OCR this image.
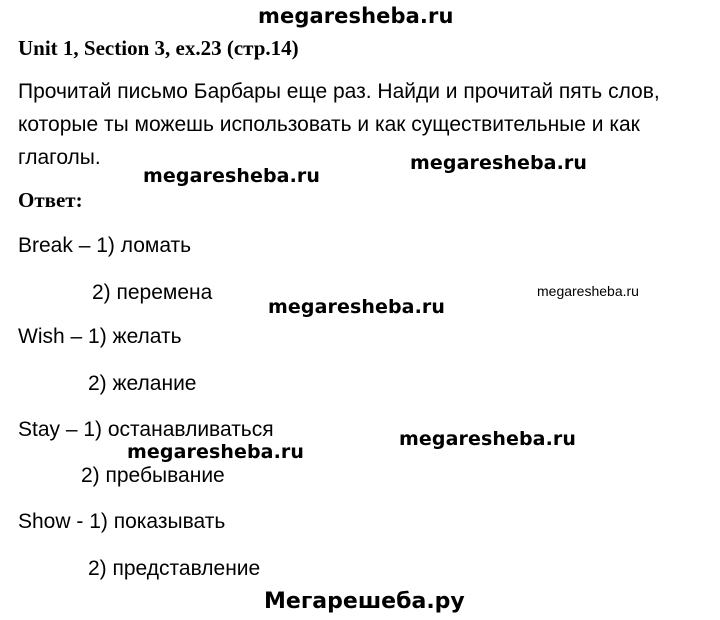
megaresheba.ru
megaresheba.ru
megaresheba.ru
megaresheba.ru
megaresheba.ru
megaresheba.ru
megaresheba.ru
Мегарешеба.ру
Unit 1, Section 3, ex.23 (стр.14)
Прочитай письмо Барбары еще раз. Найди и прочитай пять слов,
которые ты можешь использовать и как существительные и как
глаголы.
Ответ:
Break – 1) ломать
2) перемена
Wish – 1) желать
2) желание
Stay – 1) останавливаться
2) пребывание
Show - 1) показывать
2) представление
